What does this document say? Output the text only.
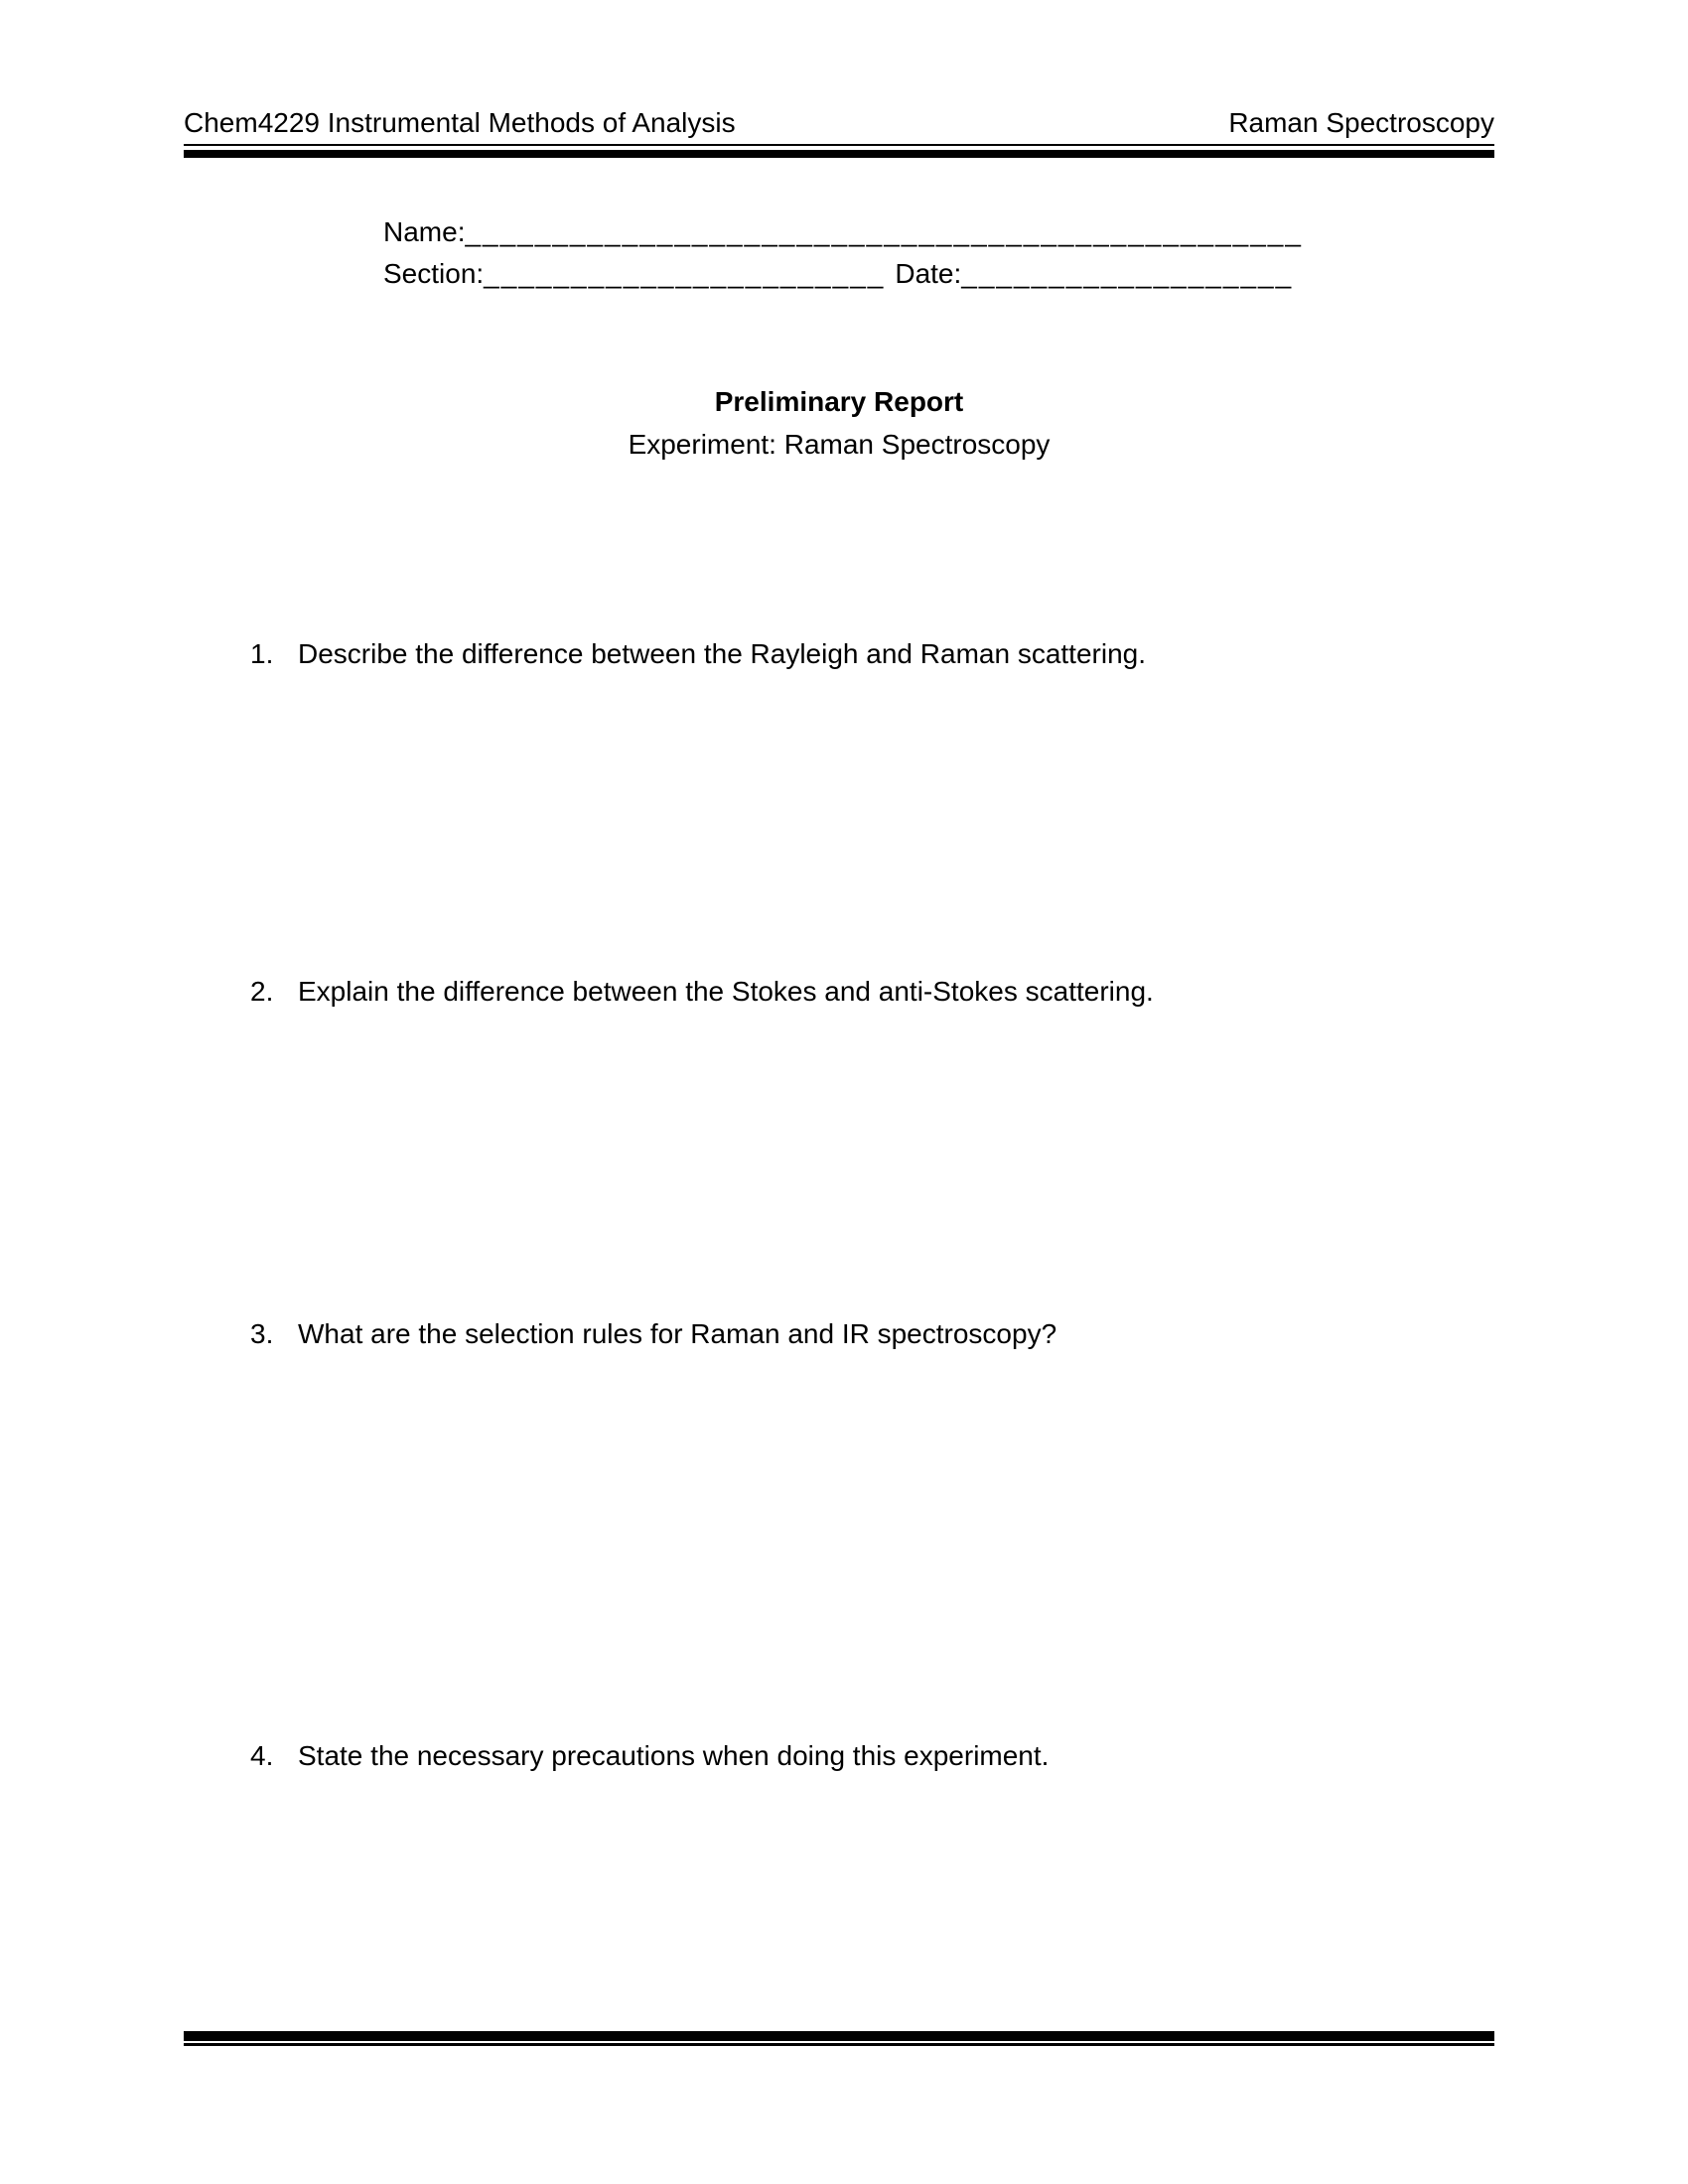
Chem4229 Instrumental Methods of Analysis	Raman Spectroscopy
Name:________________________________________________
Section:_______________________ Date:___________________
Preliminary Report
Experiment: Raman Spectroscopy
1. Describe the difference between the Rayleigh and Raman scattering.
2. Explain the difference between the Stokes and anti-Stokes scattering.
3. What are the selection rules for Raman and IR spectroscopy?
4. State the necessary precautions when doing this experiment.
